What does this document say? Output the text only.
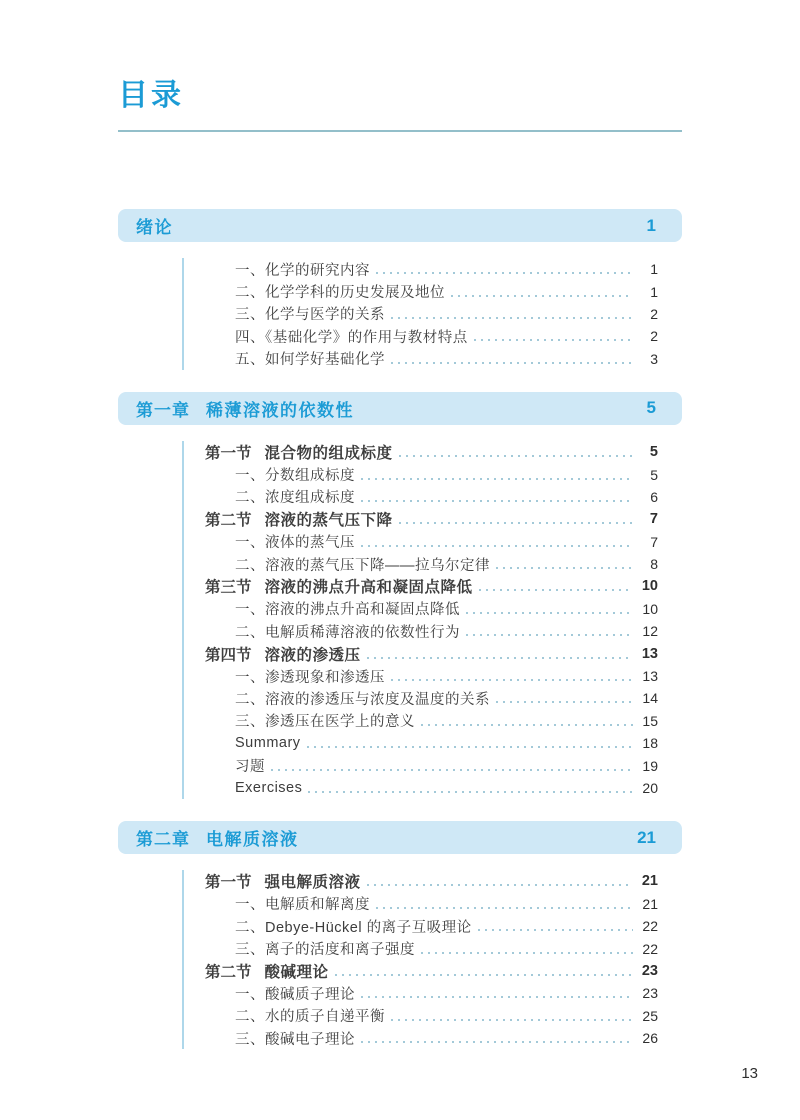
目录
绪论	1
一、化学的研究内容	1
二、化学学科的历史发展及地位	1
三、化学与医学的关系	2
四、《基础化学》的作用与教材特点	2
五、如何学好基础化学	3
第一章 稀薄溶液的依数性	5
第一节 混合物的组成标度	5
一、分数组成标度	5
二、浓度组成标度	6
第二节 溶液的蒸气压下降	7
一、液体的蒸气压	7
二、溶液的蒸气压下降——拉乌尔定律	8
第三节 溶液的沸点升高和凝固点降低	10
一、溶液的沸点升高和凝固点降低	10
二、电解质稀薄溶液的依数性行为	12
第四节 溶液的渗透压	13
一、渗透现象和渗透压	13
二、溶液的渗透压与浓度及温度的关系	14
三、渗透压在医学上的意义	15
Summary	18
习题	19
Exercises	20
第二章 电解质溶液	21
第一节 强电解质溶液	21
一、电解质和解离度	21
二、Debye-Hückel 的离子互吸理论	22
三、离子的活度和离子强度	22
第二节 酸碱理论	23
一、酸碱质子理论	23
二、水的质子自递平衡	25
三、酸碱电子理论	26
13
